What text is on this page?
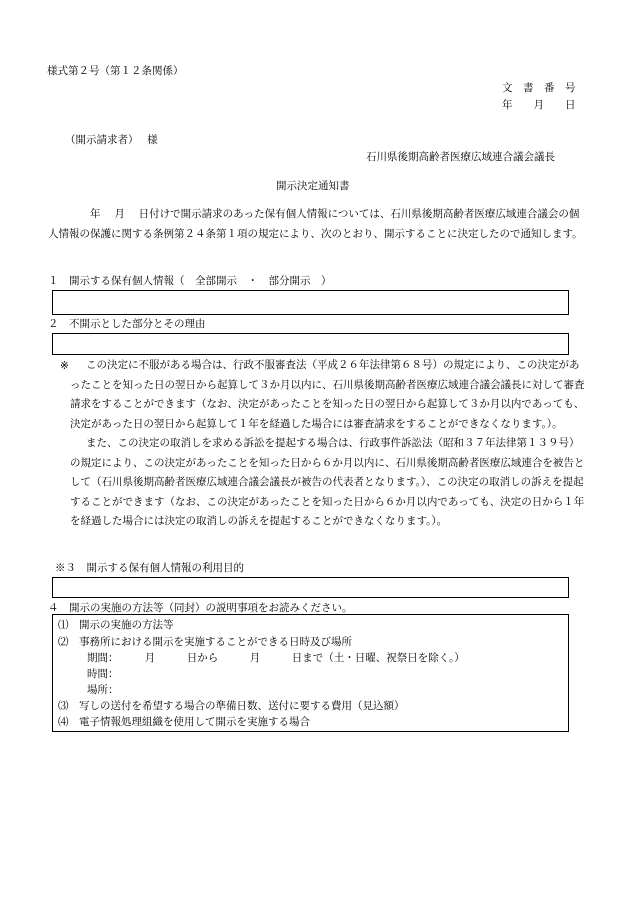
様式第２号（第１２条関係）
文　書　番　号
年　　月　　日
（開示請求者）　 様
石川県後期高齢者医療広域連合議会議長
開示決定通知書
　　　　年　 月　 日付けで開示請求のあった保有個人情報については、石川県後期高齢者医療広域連合議会の個人情報の保護に関する条例第２４条第１項の規定により、次のとおり、開示することに決定したので通知します。
１　開示する保有個人情報（　全部開示　・　部分開示　）
２　不開示とした部分とその理由
※	この決定に不服がある場合は、行政不服審査法（平成２６年法律第６８号）の規定により、この決定があったことを知った日の翌日から起算して３か月以内に、石川県後期高齢者医療広域連合議会議長に対して審査請求をすることができます（なお、決定があったことを知った日の翌日から起算して３か月以内であっても、決定があった日の翌日から起算して１年を経過した場合には審査請求をすることができなくなります。）。
また、この決定の取消しを求める訴訟を提起する場合は、行政事件訴訟法（昭和３７年法律第１３９号）の規定により、この決定があったことを知った日から６か月以内に、石川県後期高齢者医療広域連合を被告として（石川県後期高齢者医療広域連合議会議長が被告の代表者となります。）、この決定の取消しの訴えを提起することができます（なお、この決定があったことを知った日から６か月以内であっても、決定の日から１年を経過した場合には決定の取消しの訴えを提起することができなくなります。）。
※３　開示する保有個人情報の利用目的
４　開示の実施の方法等（同封）の説明事項をお読みください。
⑴　開示の実施の方法等
⑵　事務所における開示を実施することができる日時及び場所
期間：　　　月　　　日から　　　月　　　日まで（土・日曜、祝祭日を除く。）
時間：
場所：
⑶　写しの送付を希望する場合の準備日数、送付に要する費用（見込額）
⑷　電子情報処理組織を使用して開示を実施する場合
